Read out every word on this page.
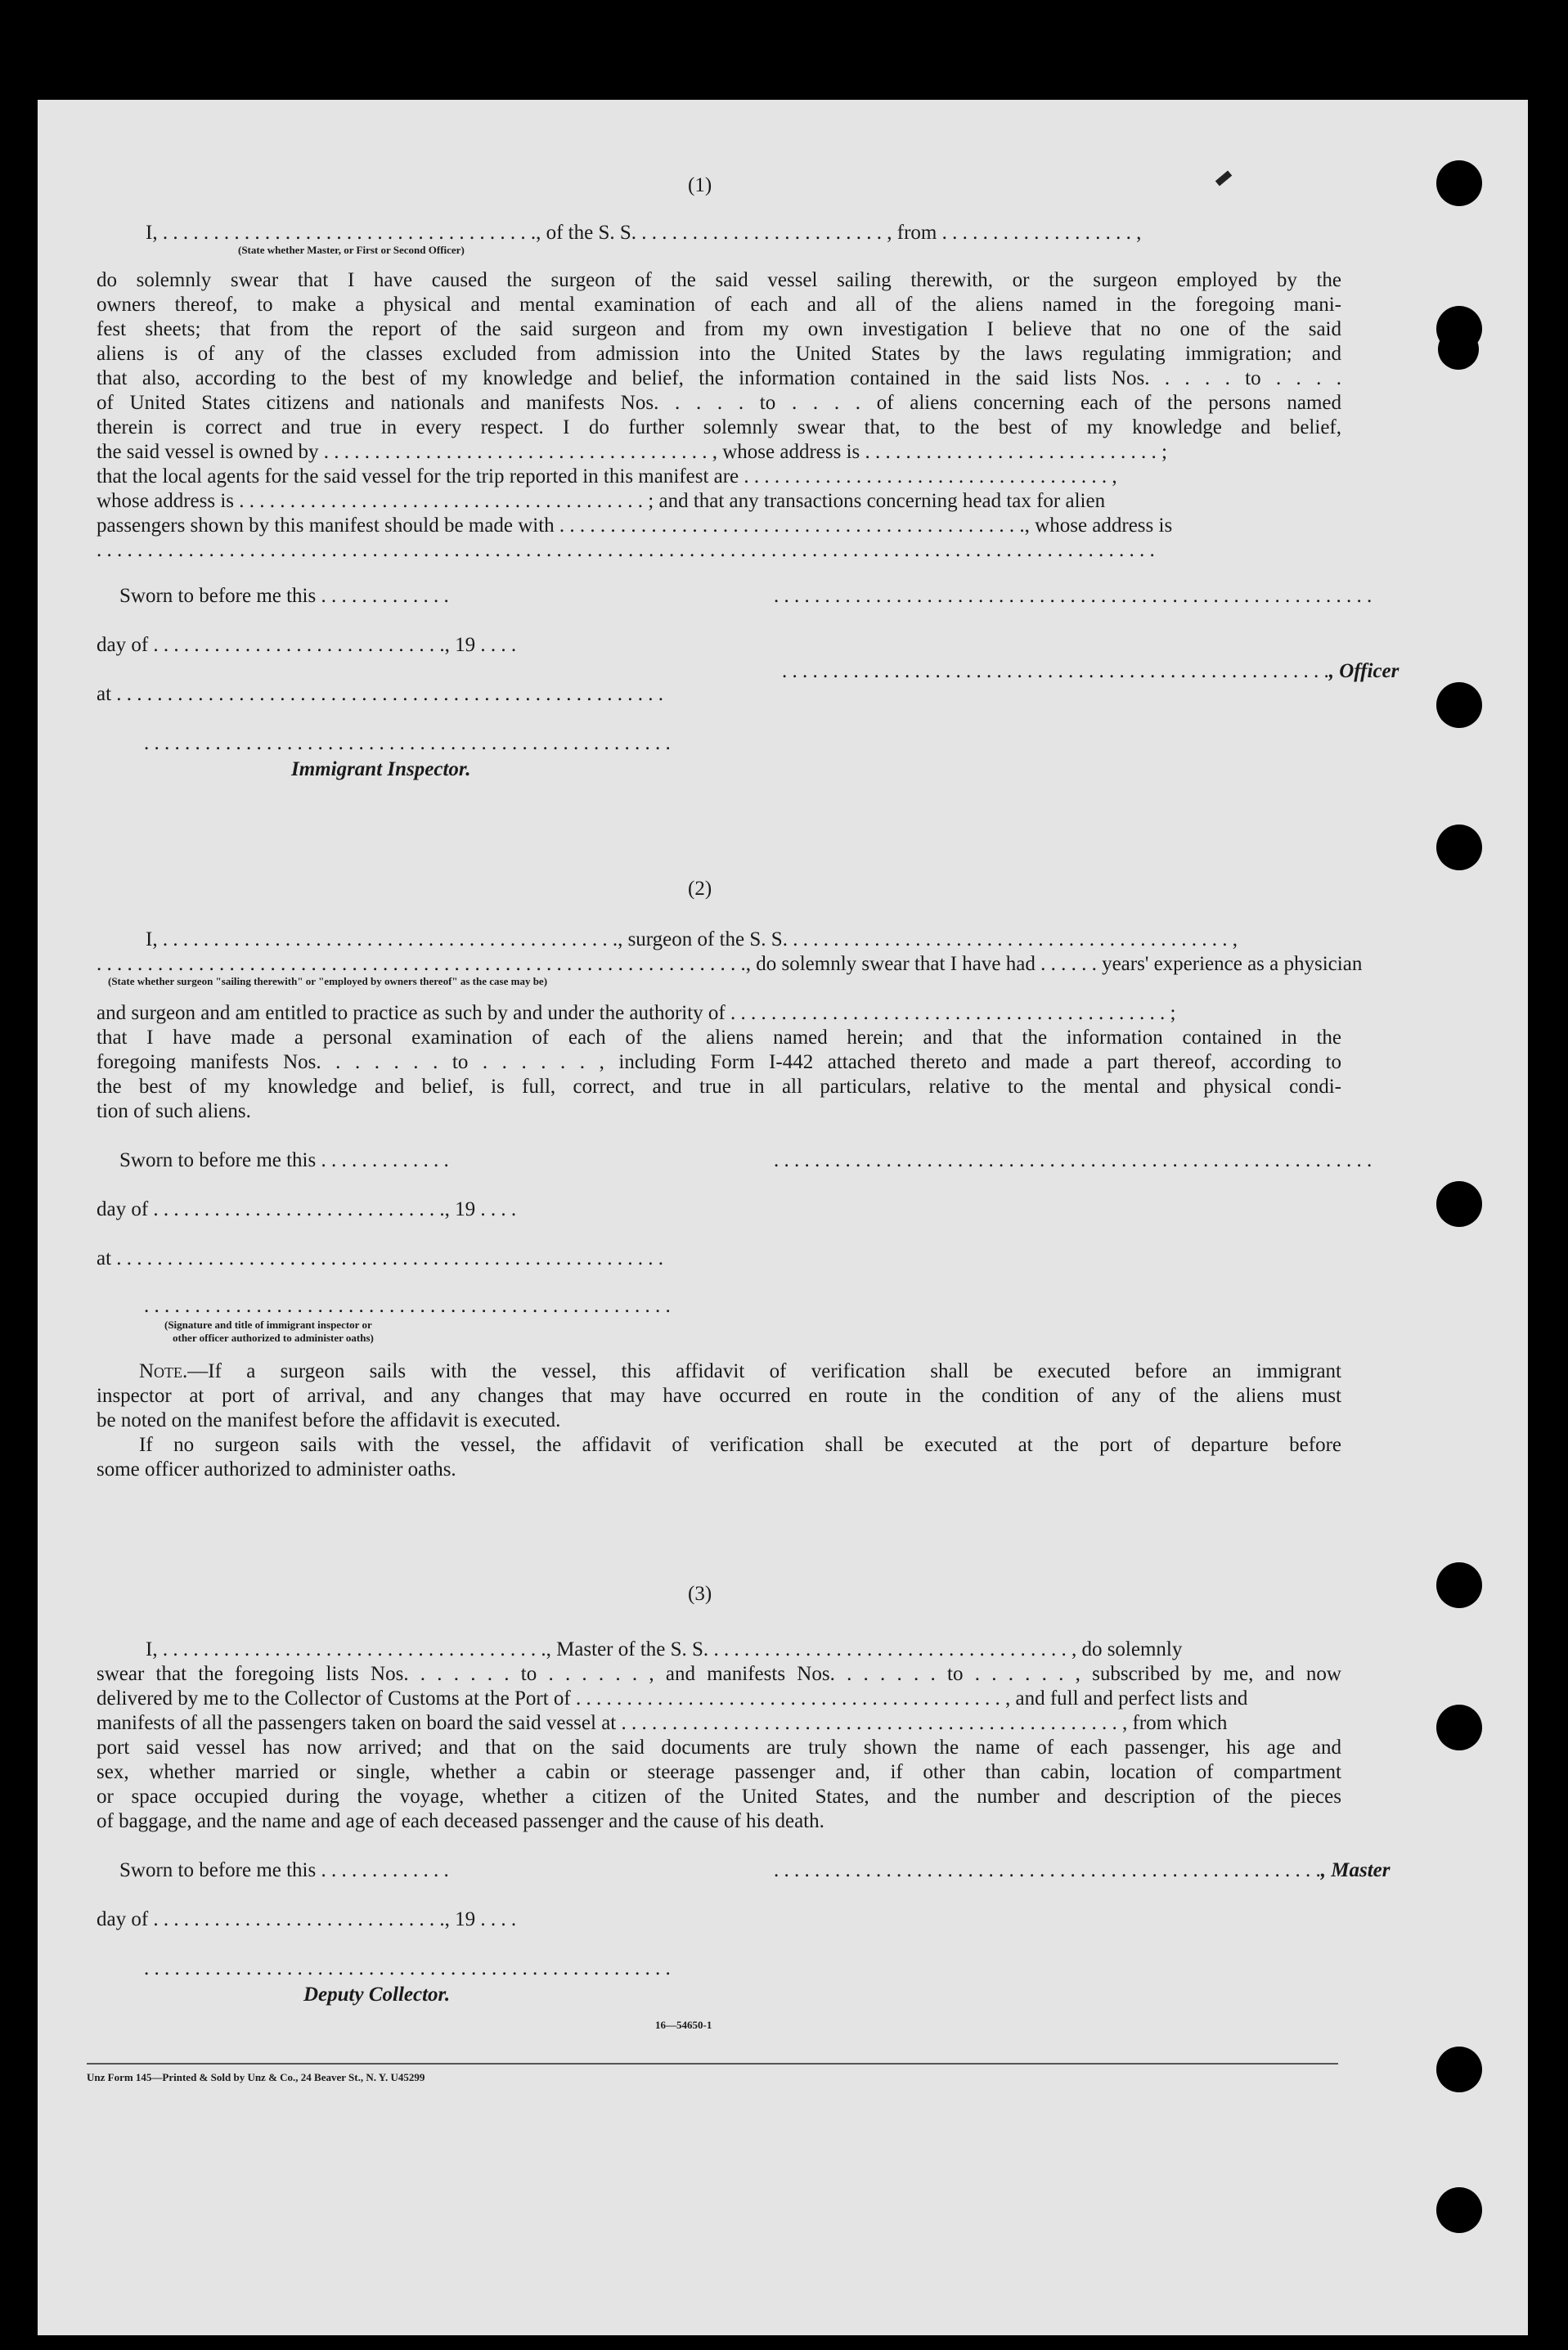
(1)
I, . . . . . . . . . . . . . . . . . . . . . . . . . . . . . . . . . . . . ., of the S. S. . . . . . . . . . . . . . . . . . . . . . . . . , from . . . . . . . . . . . . . . . . . . . ,
(State whether Master, or First or Second Officer)
do solemnly swear that I have caused the surgeon of the said vessel sailing therewith, or the surgeon employed by the
owners thereof, to make a physical and mental examination of each and all of the aliens named in the foregoing mani-
fest sheets; that from the report of the said surgeon and from my own investigation I believe that no one of the said
aliens is of any of the classes excluded from admission into the United States by the laws regulating immigration; and
that also, according to the best of my knowledge and belief, the information contained in the said lists Nos. . . . . to . . . .
of United States citizens and nationals and manifests Nos. . . . . to . . . . of aliens concerning each of the persons named
therein is correct and true in every respect. I do further solemnly swear that, to the best of my knowledge and belief,
the said vessel is owned by . . . . . . . . . . . . . . . . . . . . . . . . . . . . . . . . . . . . . . , whose address is . . . . . . . . . . . . . . . . . . . . . . . . . . . . . ;
that the local agents for the said vessel for the trip reported in this manifest are . . . . . . . . . . . . . . . . . . . . . . . . . . . . . . . . . . . . ,
whose address is . . . . . . . . . . . . . . . . . . . . . . . . . . . . . . . . . . . . . . . . ; and that any transactions concerning head tax for alien
passengers shown by this manifest should be made with . . . . . . . . . . . . . . . . . . . . . . . . . . . . . . . . . . . . . . . . . . . . . ., whose address is
. . . . . . . . . . . . . . . . . . . . . . . . . . . . . . . . . . . . . . . . . . . . . . . . . . . . . . . . . . . . . . . . . . . . . . . . . . . . . . . . . . . . . . . . . . . . . . . . . . . . . . . .
Sworn to before me this . . . . . . . . . . . . .	. . . . . . . . . . . . . . . . . . . . . . . . . . . . . . . . . . . . . . . . . . . . . . . . . . . . . . . . . . .
day of . . . . . . . . . . . . . . . . . . . . . . . . . . . . ., 19 . . . .
. . . . . . . . . . . . . . . . . . . . . . . . . . . . . . . . . . . . . . . . . . . . . . . . . . . . . ., Officer
at . . . . . . . . . . . . . . . . . . . . . . . . . . . . . . . . . . . . . . . . . . . . . . . . . . . . . .
. . . . . . . . . . . . . . . . . . . . . . . . . . . . . . . . . . . . . . . . . . . . . . . . . . . .
Immigrant Inspector.
(2)
I, . . . . . . . . . . . . . . . . . . . . . . . . . . . . . . . . . . . . . . . . . . . . ., surgeon of the S. S. . . . . . . . . . . . . . . . . . . . . . . . . . . . . . . . . . . . . . . . . . . . ,
. . . . . . . . . . . . . . . . . . . . . . . . . . . . . . . . . . . . . . . . . . . . . . . . . . . . . . . . . . . . . . . ., do solemnly swear that I have had . . . . . . years' experience as a physician
(State whether surgeon "sailing therewith" or "employed by owners thereof" as the case may be)
and surgeon and am entitled to practice as such by and under the authority of . . . . . . . . . . . . . . . . . . . . . . . . . . . . . . . . . . . . . . . . . . . ;
that I have made a personal examination of each of the aliens named herein; and that the information contained in the
foregoing manifests Nos. . . . . . . to . . . . . . , including Form I-442 attached thereto and made a part thereof, according to
the best of my knowledge and belief, is full, correct, and true in all particulars, relative to the mental and physical condi-
tion of such aliens.
Sworn to before me this . . . . . . . . . . . . .	. . . . . . . . . . . . . . . . . . . . . . . . . . . . . . . . . . . . . . . . . . . . . . . . . . . . . . . . . . .
day of . . . . . . . . . . . . . . . . . . . . . . . . . . . . ., 19 . . . .
at . . . . . . . . . . . . . . . . . . . . . . . . . . . . . . . . . . . . . . . . . . . . . . . . . . . . . .
. . . . . . . . . . . . . . . . . . . . . . . . . . . . . . . . . . . . . . . . . . . . . . . . . . . .
(Signature and title of immigrant inspector or
other officer authorized to administer oaths)
Note.—If a surgeon sails with the vessel, this affidavit of verification shall be executed before an immigrant
inspector at port of arrival, and any changes that may have occurred en route in the condition of any of the aliens must
be noted on the manifest before the affidavit is executed.
If no surgeon sails with the vessel, the affidavit of verification shall be executed at the port of departure before
some officer authorized to administer oaths.
(3)
I, . . . . . . . . . . . . . . . . . . . . . . . . . . . . . . . . . . . . . ., Master of the S. S. . . . . . . . . . . . . . . . . . . . . . . . . . . . . . . . . . . . , do solemnly
swear that the foregoing lists Nos. . . . . . . to . . . . . . , and manifests Nos. . . . . . . to . . . . . . , subscribed by me, and now
delivered by me to the Collector of Customs at the Port of . . . . . . . . . . . . . . . . . . . . . . . . . . . . . . . . . . . . . . . . . . , and full and perfect lists and
manifests of all the passengers taken on board the said vessel at . . . . . . . . . . . . . . . . . . . . . . . . . . . . . . . . . . . . . . . . . . . . . . . . . , from which
port said vessel has now arrived; and that on the said documents are truly shown the name of each passenger, his age and
sex, whether married or single, whether a cabin or steerage passenger and, if other than cabin, location of compartment
or space occupied during the voyage, whether a citizen of the United States, and the number and description of the pieces
of baggage, and the name and age of each deceased passenger and the cause of his death.
Sworn to before me this . . . . . . . . . . . . .	. . . . . . . . . . . . . . . . . . . . . . . . . . . . . . . . . . . . . . . . . . . . . . . . . . . . . ., Master
day of . . . . . . . . . . . . . . . . . . . . . . . . . . . . ., 19 . . . .
. . . . . . . . . . . . . . . . . . . . . . . . . . . . . . . . . . . . . . . . . . . . . . . . . . . .
Deputy Collector.
16—54650-1
Unz Form 145—Printed & Sold by Unz & Co., 24 Beaver St., N. Y. U45299
